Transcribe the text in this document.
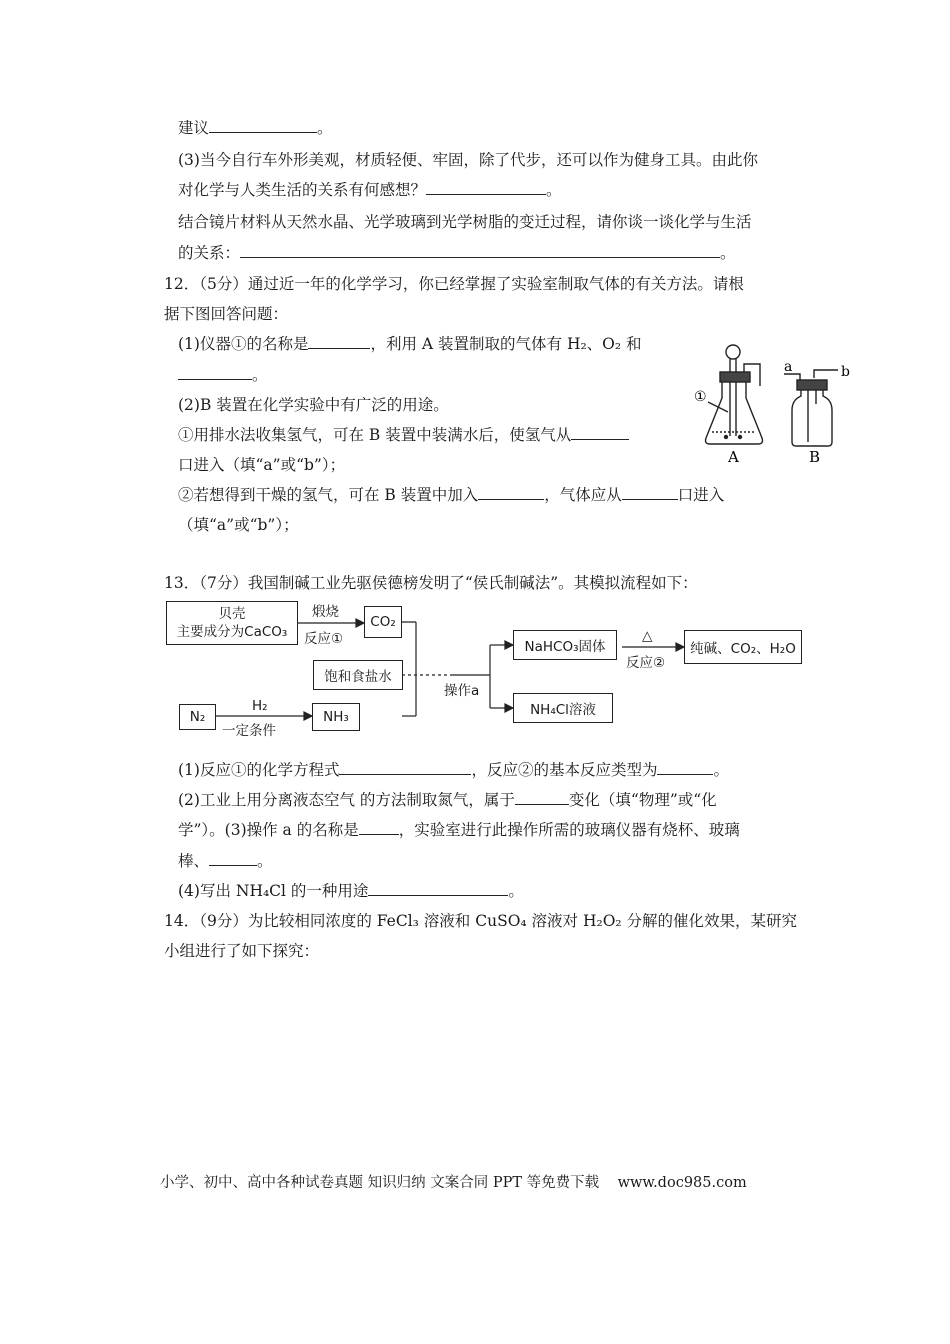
建议	。
(3)当今自行车外形美观，材质轻便、牢固，除了代步，还可以作为健身工具。由此你
对化学与人类生活的关系有何感想？	。
结合镜片材料从天然水晶、光学玻璃到光学树脂的变迁过程，请你谈一谈化学与生活
的关系：	。
12．（5分）通过近一年的化学学习，你已经掌握了实验室制取气体的有关方法。请根
据下图回答问题：
(1)仪器①的名称是	，利用 A 装置制取的气体有 H₂、O₂ 和
。
(2)B 装置在化学实验中有广泛的用途。
①用排水法收集氢气，可在 B 装置中装满水后，使氢气从
口进入（填“a”或“b”）；
②若想得到干燥的氢气，可在 B 装置中加入	，气体应从	口进入
（填“a”或“b”）；
①
A
a	b
B
13．（7分）我国制碱工业先驱侯德榜发明了“侯氏制碱法”。其模拟流程如下：
贝壳
主要成分为CaCO₃
煅烧
反应①
CO₂
饱和食盐水
N₂
H₂
一定条件
NH₃
操作a
NaHCO₃固体
△
反应②
纯碱、CO₂、H₂O
NH₄Cl溶液
(1)反应①的化学方程式	，反应②的基本反应类型为	。
(2)工业上用分离液态空气 的方法制取氮气，属于	变化（填“物理”或“化
学”）。(3)操作 a 的名称是	，实验室进行此操作所需的玻璃仪器有烧杯、玻璃
棒、	。
(4)写出 NH₄Cl 的一种用途	。
14．（9分）为比较相同浓度的 FeCl₃ 溶液和 CuSO₄ 溶液对 H₂O₂ 分解的催化效果，某研究
小组进行了如下探究：
小学、初中、高中各种试卷真题 知识归纳 文案合同 PPT 等免费下载 www.doc985.com
